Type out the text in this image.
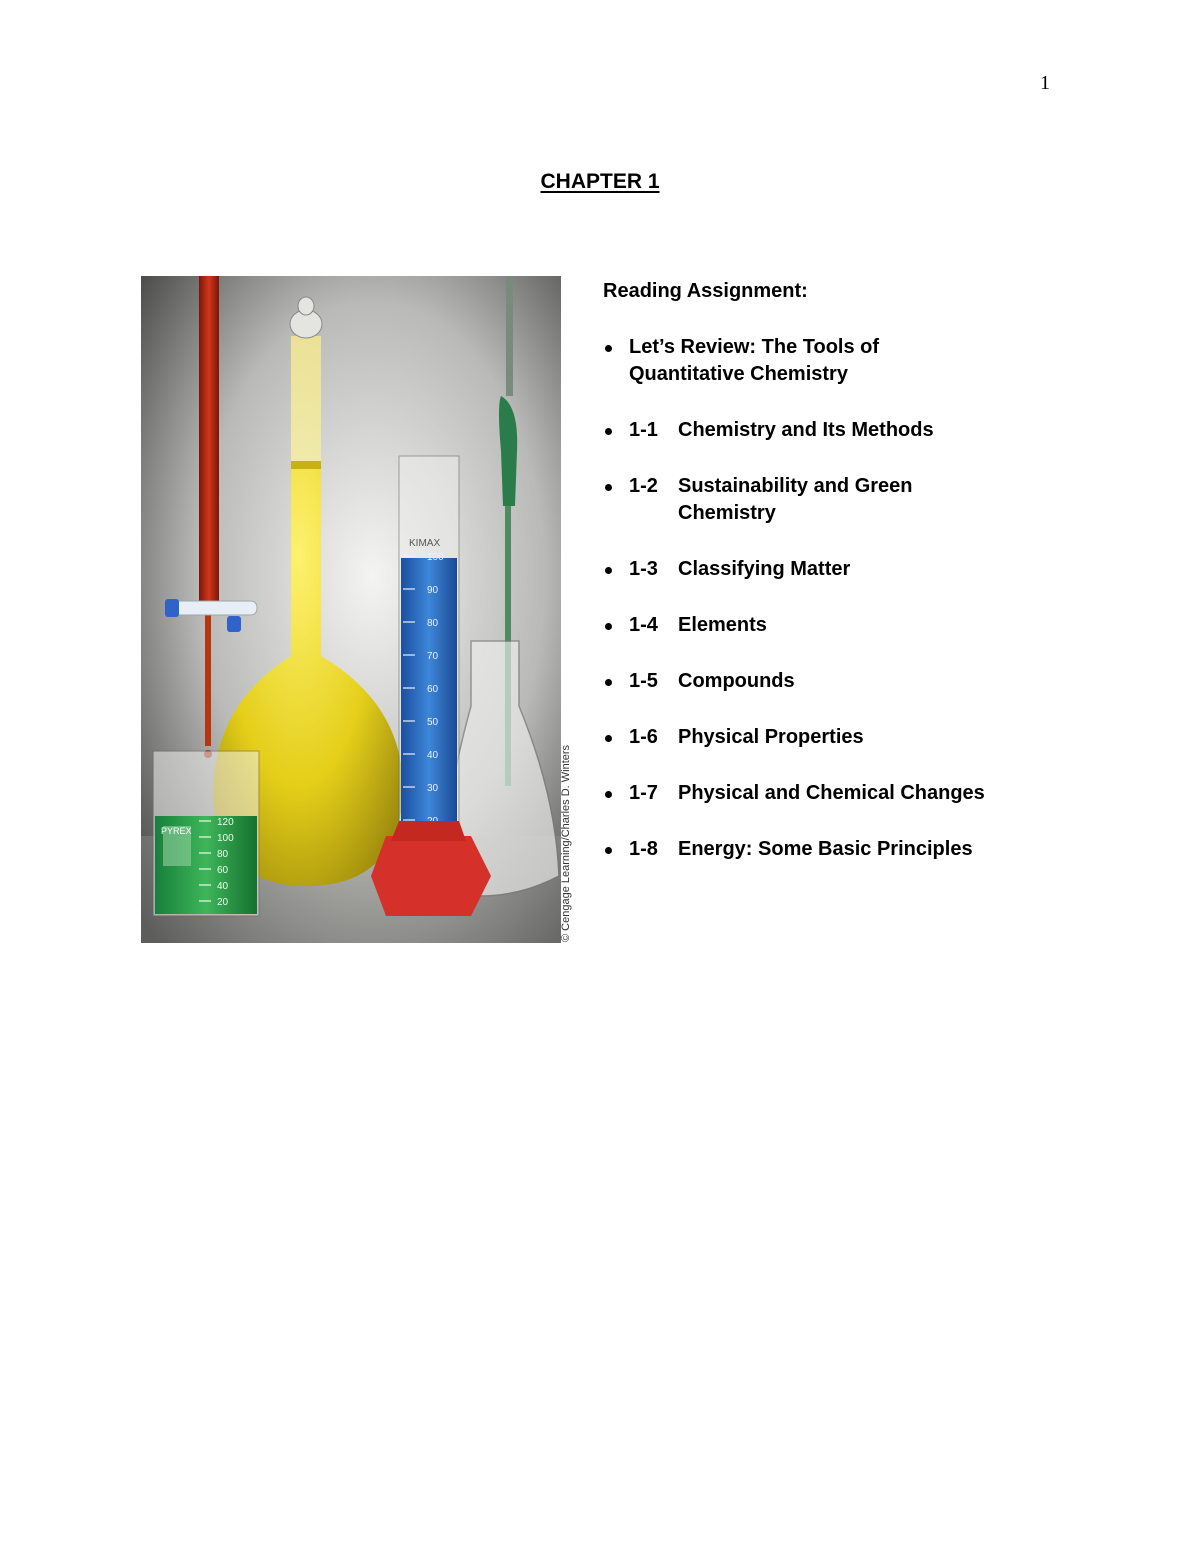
1
CHAPTER 1
100
90
80
70
60
50
40
30
KIMAX
PYREX
120
100
80
60
40
20	© Cengage Learning/Charles D. Winters
Reading Assignment:
Let’s Review: The Tools of
Quantitative Chemistry
1-1 Chemistry and Its Methods
1-2 Sustainability and Green
Chemistry
1-3 Classifying Matter
1-4 Elements
1-5 Compounds
1-6 Physical Properties
1-7 Physical and Chemical Changes
1-8 Energy: Some Basic Principles
